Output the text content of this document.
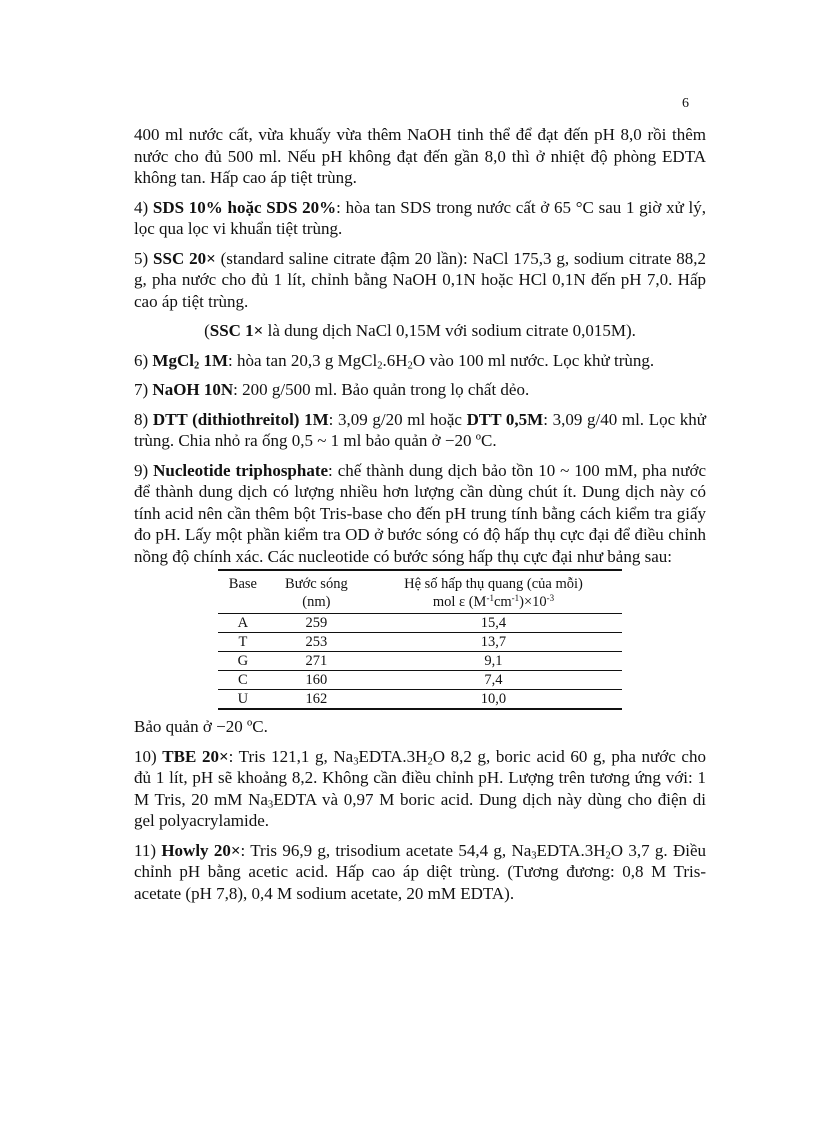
6

400 ml nước cất, vừa khuấy vừa thêm NaOH tinh thể để đạt đến pH 8,0 rồi thêm nước cho đủ 500 ml. Nếu pH không đạt đến gần 8,0 thì ở nhiệt độ phòng EDTA không tan. Hấp cao áp tiệt trùng.

4) SDS 10% hoặc SDS 20%: hòa tan SDS trong nước cất ở 65 °C sau 1 giờ xử lý, lọc qua lọc vi khuẩn tiệt trùng.

5) SSC 20× (standard saline citrate đậm 20 lần): NaCl 175,3 g, sodium citrate 88,2 g, pha nước cho đủ 1 lít, chỉnh bằng NaOH 0,1N hoặc HCl 0,1N đến pH 7,0. Hấp cao áp tiệt trùng.

(SSC 1× là dung dịch NaCl 0,15M với sodium citrate 0,015M).

6) MgCl$_2$ 1M: hòa tan 20,3 g $MgCl_2.6H_2O$ vào 100 ml nước. Lọc khử trùng.

7) NaOH 10N: 200 g/500 ml. Bảo quản trong lọ chất dẻo.

8) DTT (dithiothreitol) 1M: 3,09 g/20 ml hoặc DTT 0,5M: 3,09 g/40 ml. Lọc khử trùng. Chia nhỏ ra ống 0,5 ~ 1 ml bảo quản ở −20 ºC.

9) Nucleotide triphosphate: chế thành dung dịch bảo tồn 10 ~ 100 mM, pha nước để thành dung dịch có lượng nhiều hơn lượng cần dùng chút ít. Dung dịch này có tính acid nên cần thêm bột Tris-base cho đến pH trung tính bằng cách kiểm tra giấy đo pH. Lấy một phần kiểm tra OD ở bước sóng có độ hấp thụ cực đại để điều chỉnh nồng độ chính xác. Các nucleotide có bước sóng hấp thụ cực đại như bảng sau:

Base	Bước sóng	Hệ số hấp thụ quang (của mỗi)
	(nm)	mol ε $(M^{-1}cm^{-1})\times 10^{-3}$
A	259	15,4
T	253	13,7
G	271	9,1
C	160	7,4
U	162	10,0

Bảo quản ở −20 ºC.

10) TBE 20×: Tris 121,1 g, $Na_3EDTA.3H_2O$ 8,2 g, boric acid 60 g, pha nước cho đủ 1 lít, pH sẽ khoảng 8,2. Không cần điều chỉnh pH. Lượng trên tương ứng với: 1 M Tris, 20 mM $Na_3EDTA$ và 0,97 M boric acid. Dung dịch này dùng cho điện di gel polyacrylamide.

11) Howly 20×: Tris 96,9 g, trisodium acetate 54,4 g, $Na_3EDTA.3H_2O$ 3,7 g. Điều chỉnh pH bằng acetic acid. Hấp cao áp diệt trùng. (Tương đương: 0,8 M Tris-acetate (pH 7,8), 0,4 M sodium acetate, 20 mM EDTA).
